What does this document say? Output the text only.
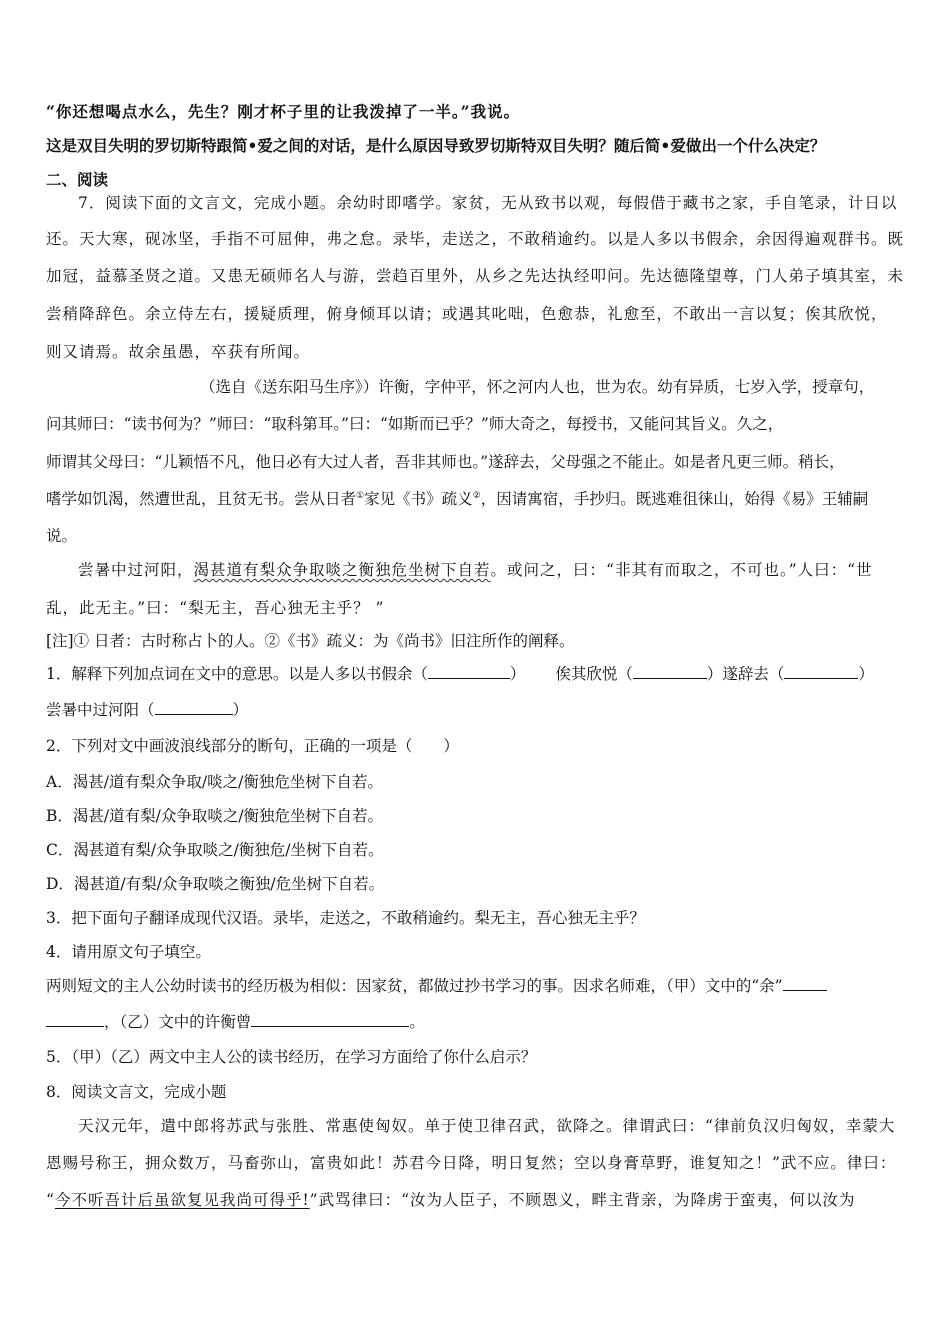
“你还想喝点水么，先生？刚才杯子里的让我泼掉了一半。”我说。
这是双目失明的罗切斯特跟简•爱之间的对话，是什么原因导致罗切斯特双目失明？随后简•爱做出一个什么决定？
二、阅读
7．阅读下面的文言文，完成小题。余幼时即嗜学。家贫，无从致书以观，每假借于藏书之家，手自笔录，计日以
还。天大寒，砚冰坚，手指不可屈伸，弗之怠。录毕，走送之，不敢稍逾约。以是人多以书假余，余因得遍观群书。既
加冠，益慕圣贤之道。又患无硕师名人与游，尝趋百里外，从乡之先达执经叩问。先达德隆望尊，门人弟子填其室，未
尝稍降辞色。余立侍左右，援疑质理，俯身倾耳以请；或遇其叱咄，色愈恭，礼愈至，不敢出一言以复；俟其欣悦，
则又请焉。故余虽愚，卒获有所闻。
（选自《送东阳马生序》）许衡，字仲平，怀之河内人也，世为农。幼有异质，七岁入学，授章句，
问其师曰：“读书何为？”师曰：“取科第耳。”曰：“如斯而已乎？”师大奇之，每授书，又能问其旨义。久之，
师谓其父母曰：“儿颖悟不凡，他日必有大过人者，吾非其师也。”遂辞去，父母强之不能止。如是者凡更三师。稍长，
嗜学如饥渴，然遭世乱，且贫无书。尝从日者①家见《书》疏义②，因请寓宿，手抄归。既逃难徂徕山，始得《易》王辅嗣
说。
尝暑中过河阳，渴甚道有梨众争取啖之衡独危坐树下自若。或问之，曰：“非其有而取之，不可也。”人曰：“世
乱，此无主。”曰：“梨无主，吾心独无主乎？ ”
[注]① 日者：古时称占卜的人。②《书》疏义：为《尚书》旧注所作的阐释。
1．解释下列加点词在文中的意思。以是人多以书假余（	） 俟其欣悦（	）遂辞去（	）
尝暑中过河阳（	）
2．下列对文中画波浪线部分的断句，正确的一项是（　　）
A．渴甚/道有梨众争取/啖之/衡独危坐树下自若。
B．渴甚/道有梨/众争取啖之/衡独危坐树下自若。
C．渴甚道有梨/众争取啖之/衡独危/坐树下自若。
D．渴甚道/有梨/众争取啖之衡独/危坐树下自若。
3．把下面句子翻译成现代汉语。录毕，走送之，不敢稍逾约。梨无主，吾心独无主乎？
4．请用原文句子填空。
两则短文的主人公幼时读书的经历极为相似：因家贫，都做过抄书学习的事。因求名师难，（甲）文中的“余”
，（乙）文中的许衡曾	。
5．（甲）（乙）两文中主人公的读书经历，在学习方面给了你什么启示？
8．阅读文言文，完成小题
天汉元年，遣中郎将苏武与张胜、常惠使匈奴。单于使卫律召武，欲降之。律谓武曰：“律前负汉归匈奴，幸蒙大
恩赐号称王，拥众数万，马畜弥山，富贵如此！苏君今日降，明日复然；空以身膏草野，谁复知之！”武不应。律曰：
“今不听吾计后虽欲复见我尚可得乎!”武骂律曰：“汝为人臣子，不顾恩义，畔主背亲，为降虏于蛮夷，何以汝为
